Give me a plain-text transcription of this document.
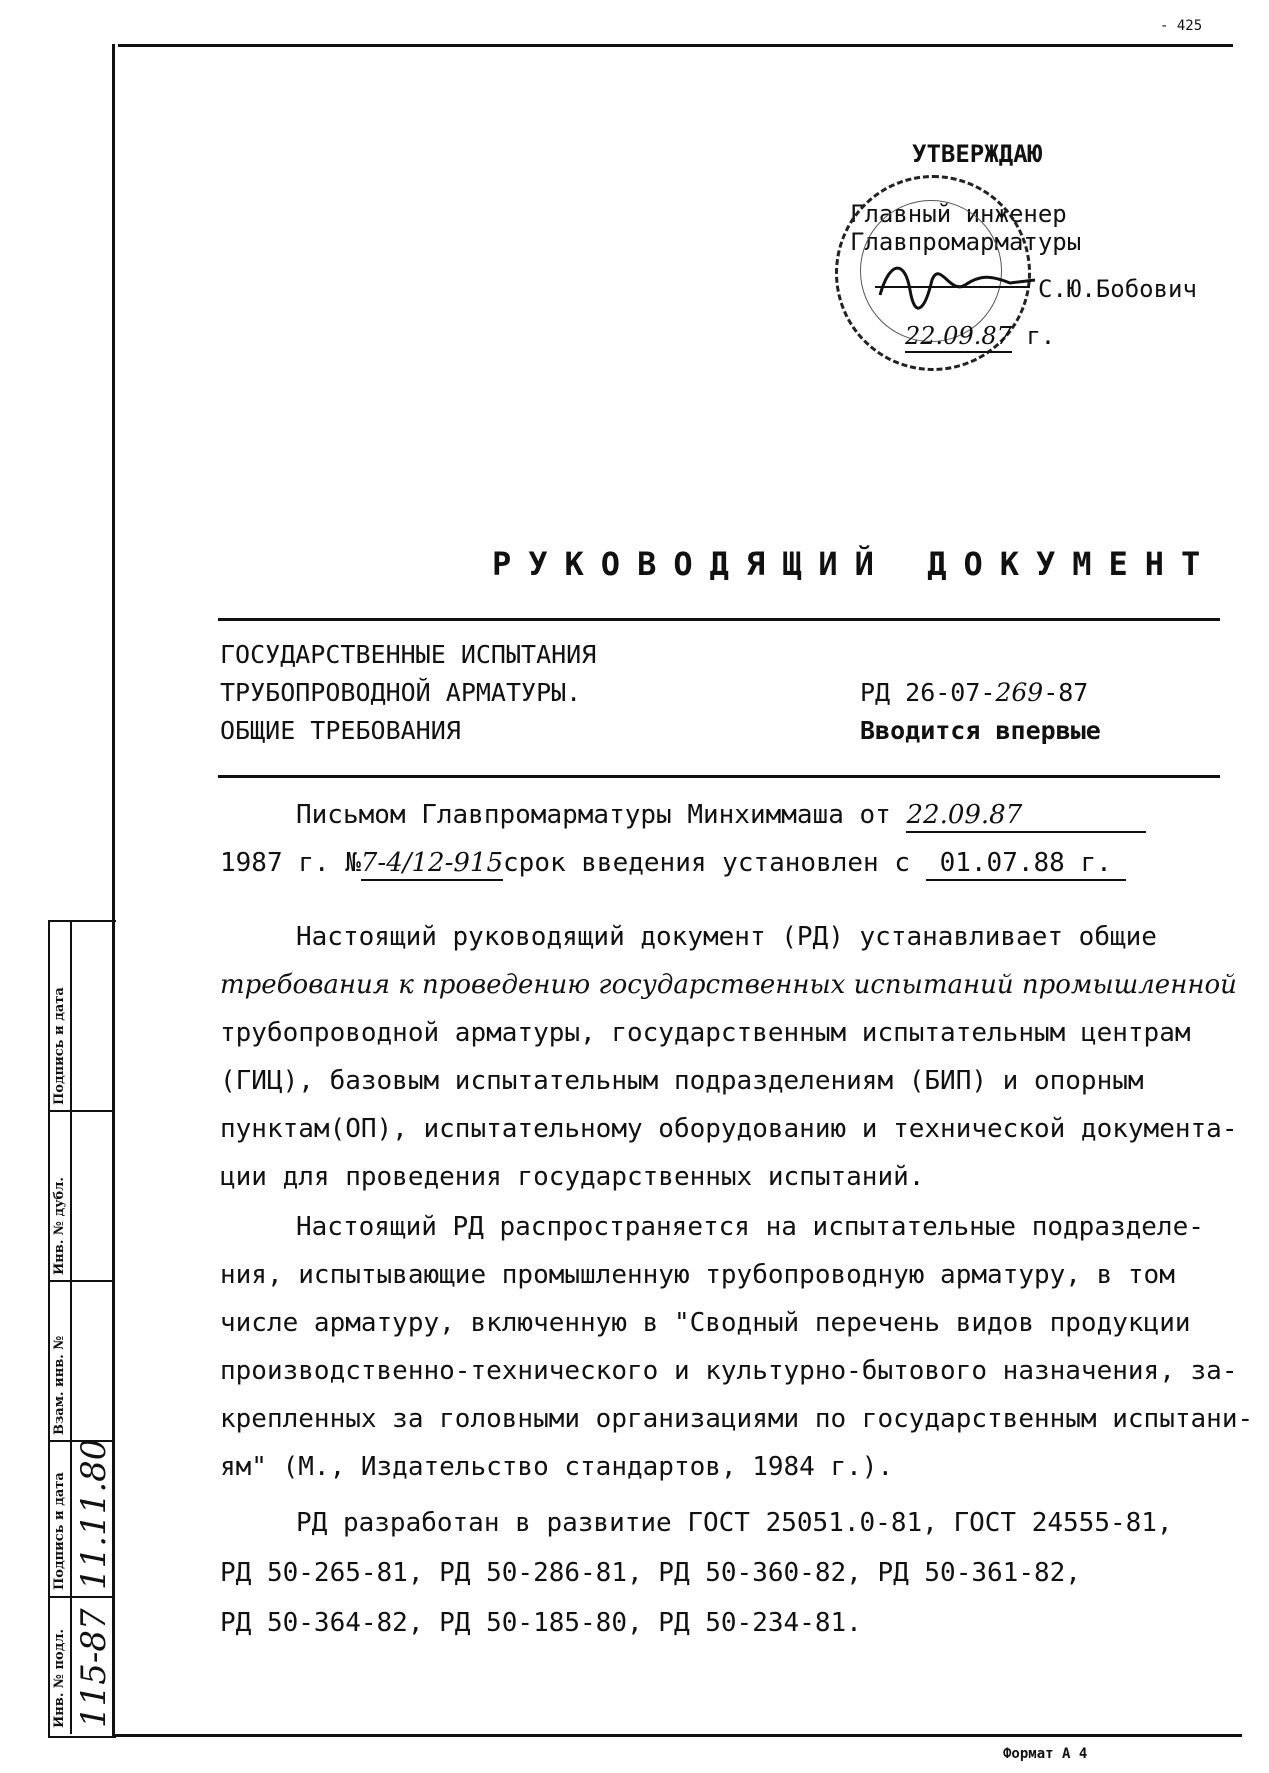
- 425
УТВЕРЖДАЮ
Главный инженер
Главпромарматуры
С.Ю.Бобович
22.09.87 г.
РУКОВОДЯЩИЙ ДОКУМЕНТ
ГОСУДАРСТВЕННЫЕ ИСПЫТАНИЯ
ТРУБОПРОВОДНОЙ АРМАТУРЫ.
ОБЩИЕ ТРЕБОВАНИЯ
РД 26-07-269-87
Вводится впервые
Письмом Главпромарматуры Минхиммаша от 22.09.87
1987 г. №7-4/12-915срок введения установлен с 01.07.88 г.
Настоящий руководящий документ (РД) устанавливает общие
требования к проведению государственных испытаний промышленной
трубопроводной арматуры, государственным испытательным центрам
(ГИЦ), базовым испытательным подразделениям (БИП) и опорным
пунктам(ОП), испытательному оборудованию и технической документа-
ции для проведения государственных испытаний.
Настоящий РД распространяется на испытательные подразделе-
ния, испытывающие промышленную трубопроводную арматуру, в том
числе арматуру, включенную в "Сводный перечень видов продукции
производственно-технического и культурно-бытового назначения, за-
крепленных за головными организациями по государственным испытани-
ям" (М., Издательство стандартов, 1984 г.).
РД разработан в развитие ГОСТ 25051.0-81, ГОСТ 24555-81,
РД 50-265-81, РД 50-286-81, РД 50-360-82, РД 50-361-82,
РД 50-364-82, РД 50-185-80, РД 50-234-81.
Инв. № подл.
Подпись и дата
Взам. инв. №
Инв. № дубл.
Подпись и дата
115-87
11.11.80
Формат А 4
